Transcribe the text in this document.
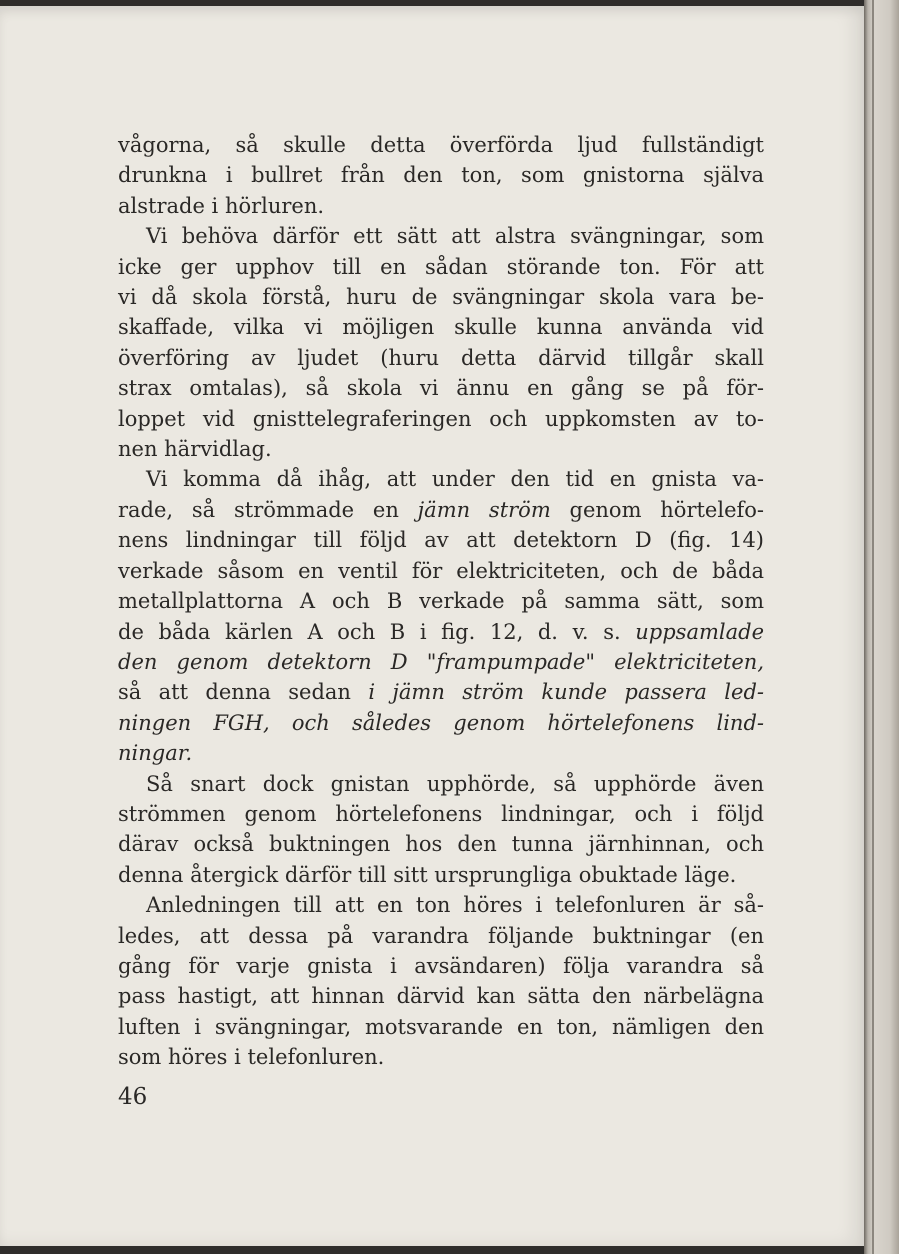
vågorna, så skulle detta överförda ljud fullständigt
drunkna i bullret från den ton, som gnistorna själva
alstrade i hörluren.
Vi behöva därför ett sätt att alstra svängningar, som
icke ger upphov till en sådan störande ton. För att
vi då skola förstå, huru de svängningar skola vara be-
skaffade, vilka vi möjligen skulle kunna använda vid
överföring av ljudet (huru detta därvid tillgår skall
strax omtalas), så skola vi ännu en gång se på för-
loppet vid gnisttelegraferingen och uppkomsten av to-
nen härvidlag.
Vi komma då ihåg, att under den tid en gnista va-
rade, så strömmade en jämn ström genom hörtelefo-
nens lindningar till följd av att detektorn D (fig. 14)
verkade såsom en ventil för elektriciteten, och de båda
metallplattorna A och B verkade på samma sätt, som
de båda kärlen A och B i fig. 12, d. v. s. uppsamlade
den genom detektorn D "frampumpade" elektriciteten,
så att denna sedan i jämn ström kunde passera led-
ningen FGH, och således genom hörtelefonens lind-
ningar.
Så snart dock gnistan upphörde, så upphörde även
strömmen genom hörtelefonens lindningar, och i följd
därav också buktningen hos den tunna järnhinnan, och
denna återgick därför till sitt ursprungliga obuktade läge.
Anledningen till att en ton höres i telefonluren är så-
ledes, att dessa på varandra följande buktningar (en
gång för varje gnista i avsändaren) följa varandra så
pass hastigt, att hinnan därvid kan sätta den närbelägna
luften i svängningar, motsvarande en ton, nämligen den
som höres i telefonluren.
46
